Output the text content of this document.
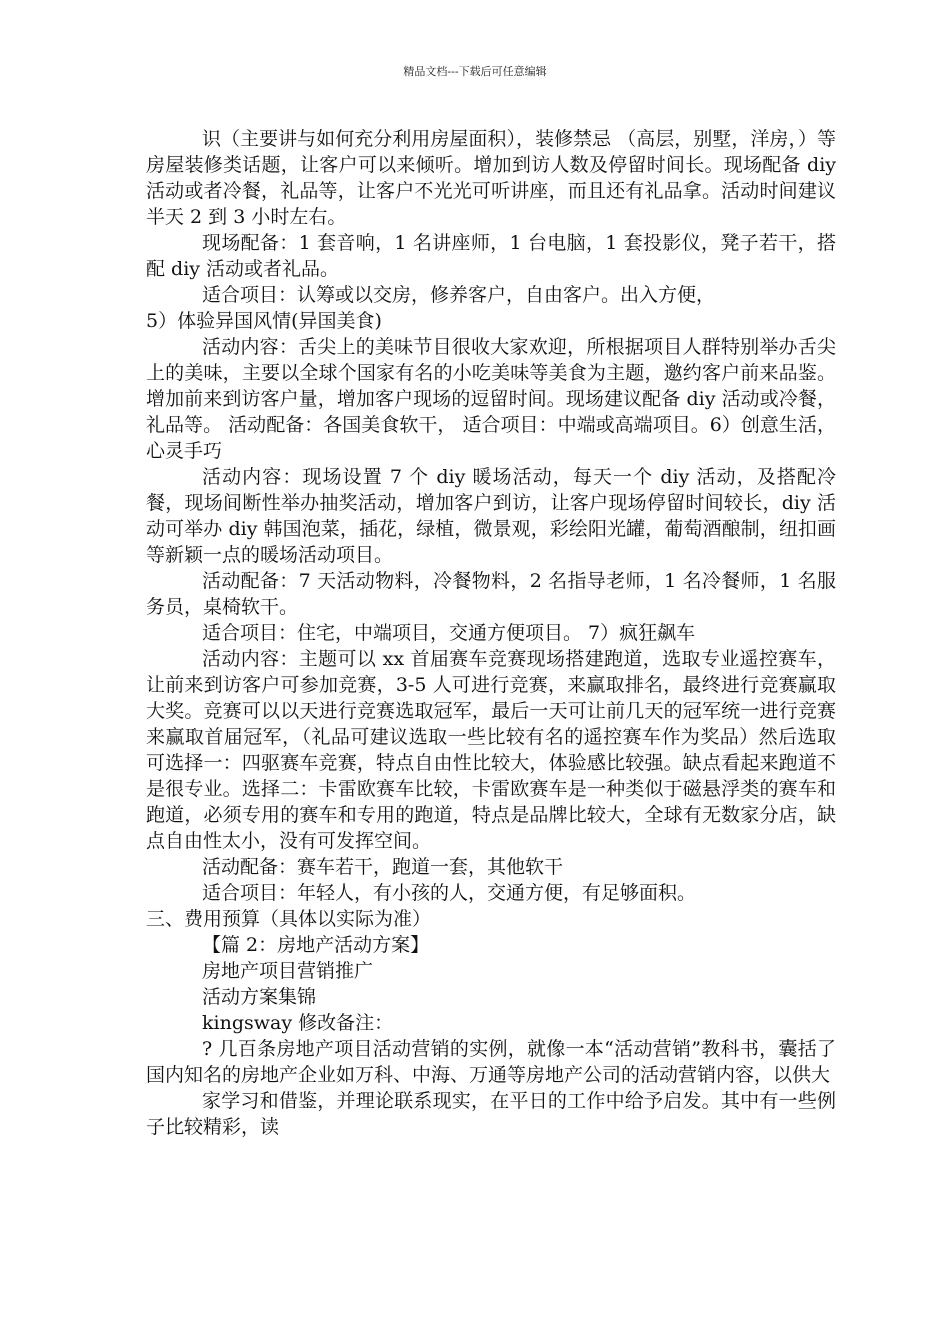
精品文档---下载后可任意编辑

识（主要讲与如何充分利用房屋面积），装修禁忌 （高层，别墅，洋房，）等房屋装修类话题，让客户可以来倾听。增加到访人数及停留时间长。现场配备 diy 活动或者冷餐，礼品等，让客户不光光可听讲座，而且还有礼品拿。活动时间建议半天 2 到 3 小时左右。

现场配备：1 套音响，1 名讲座师，1 台电脑，1 套投影仪，凳子若干，搭配 diy 活动或者礼品。

适合项目：认筹或以交房，修养客户，自由客户。出入方便，

5）体验异国风情(异国美食)

活动内容：舌尖上的美味节目很收大家欢迎，所根据项目人群特别举办舌尖上的美味，主要以全球个国家有名的小吃美味等美食为主题，邀约客户前来品鉴。增加前来到访客户量，增加客户现场的逗留时间。现场建议配备 diy 活动或冷餐，礼品等。 活动配备：各国美食软干， 适合项目：中端或高端项目。6）创意生活，心灵手巧

活动内容：现场设置 7 个 diy 暖场活动，每天一个 diy 活动，及搭配冷餐，现场间断性举办抽奖活动，增加客户到访，让客户现场停留时间较长，diy 活动可举办 diy 韩国泡菜，插花，绿植，微景观，彩绘阳光罐，葡萄酒酿制，纽扣画等新颖一点的暖场活动项目。

活动配备：7 天活动物料，冷餐物料，2 名指导老师，1 名冷餐师，1 名服务员，桌椅软干。

适合项目：住宅，中端项目，交通方便项目。 7）疯狂飙车

活动内容：主题可以 xx 首届赛车竞赛现场搭建跑道，选取专业遥控赛车，让前来到访客户可参加竞赛，3-5 人可进行竞赛，来赢取排名，最终进行竞赛赢取大奖。竞赛可以以天进行竞赛选取冠军，最后一天可让前几天的冠军统一进行竞赛来赢取首届冠军，（礼品可建议选取一些比较有名的遥控赛车作为奖品）然后选取可选择一：四驱赛车竞赛，特点自由性比较大，体验感比较强。缺点看起来跑道不是很专业。选择二：卡雷欧赛车比较，卡雷欧赛车是一种类似于磁悬浮类的赛车和跑道，必须专用的赛车和专用的跑道，特点是品牌比较大，全球有无数家分店，缺点自由性太小，没有可发挥空间。

活动配备：赛车若干，跑道一套，其他软干

适合项目：年轻人，有小孩的人，交通方便，有足够面积。

三、费用预算（具体以实际为准）

【篇 2：房地产活动方案】

房地产项目营销推广

活动方案集锦

kingsway 修改备注：

? 几百条房地产项目活动营销的实例，就像一本“活动营销”教科书，囊括了国内知名的房地产企业如万科、中海、万通等房地产公司的活动营销内容，以供大

家学习和借鉴，并理论联系现实，在平日的工作中给予启发。其中有一些例子比较精彩，读
